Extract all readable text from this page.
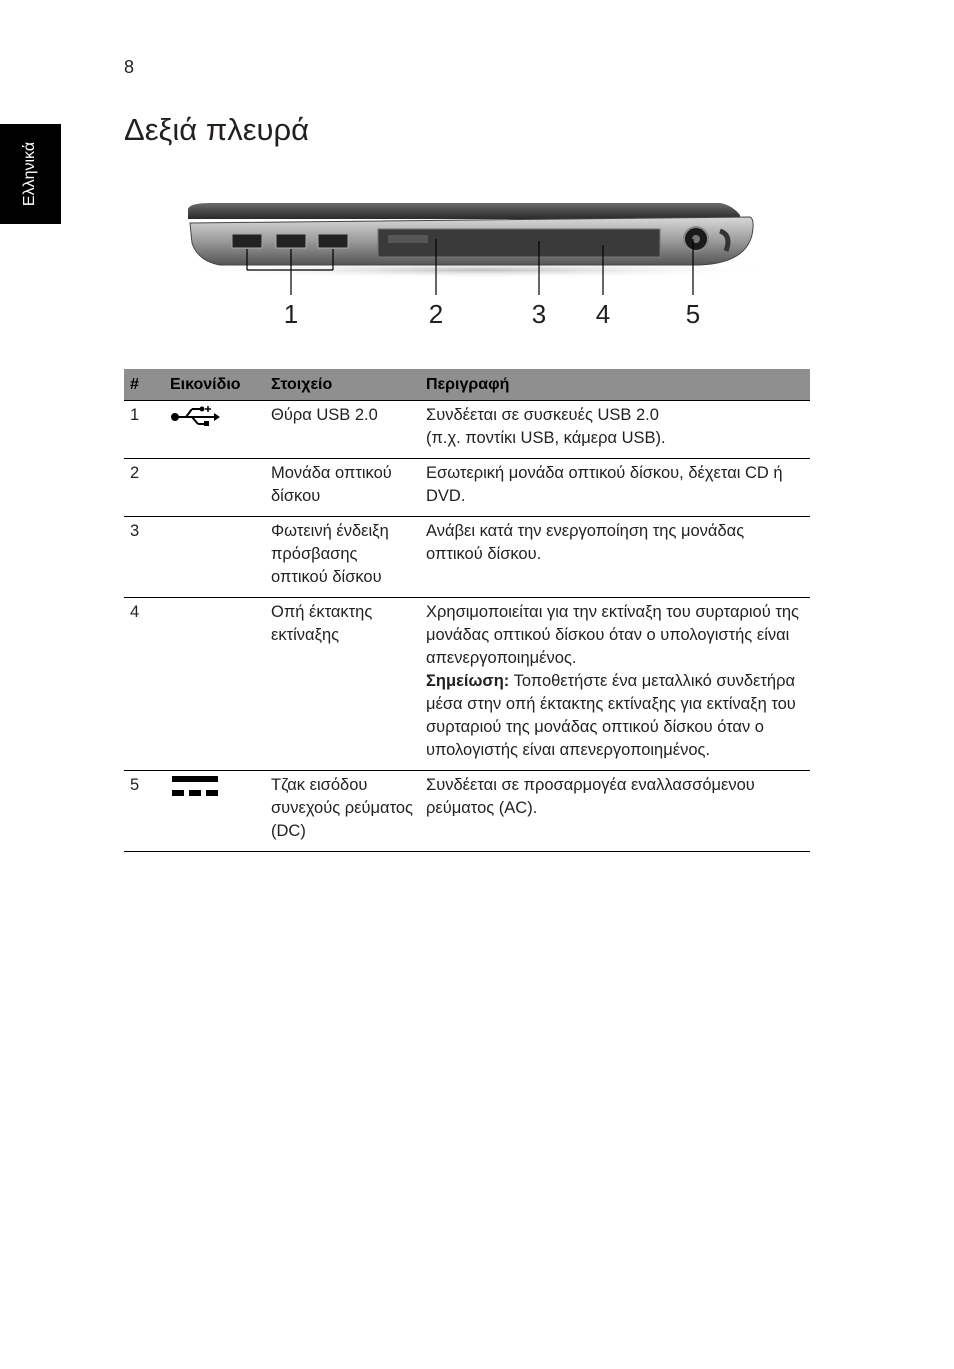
8
Ελληνικά
Δεξιά πλευρά
1	2	3 4	5
#	Εικονίδιο	Στοιχείο	Περιγραφή
1		Θύρα USB 2.0	Συνδέεται σε συσκευές USB 2.0
(π.χ. ποντίκι USB, κάμερα USB).

2		Μονάδα οπτικού δίσκου	Εσωτερική μονάδα οπτικού δίσκου, δέχεται CD ή DVD.
3		Φωτεινή ένδειξη πρόσβασης οπτικού δίσκου	Ανάβει κατά την ενεργοποίηση της μονάδας οπτικού δίσκου.
4		Οπή έκτακτης εκτίναξης	Χρησιμοποιείται για την εκτίναξη του συρταριού της μονάδας οπτικού δίσκου όταν ο υπολογιστής είναι απενεργοποιημένος.
Σημείωση: Τοποθετήστε ένα μεταλλικό συνδετήρα μέσα στην οπή έκτακτης εκτίναξης για εκτίναξη του συρταριού της μονάδας οπτικού δίσκου όταν ο υπολογιστής είναι απενεργοποιημένος.
5		Τζακ εισόδου συνεχούς ρεύματος (DC)	Συνδέεται σε προσαρμογέα εναλλασσόμενου ρεύματος (AC).
